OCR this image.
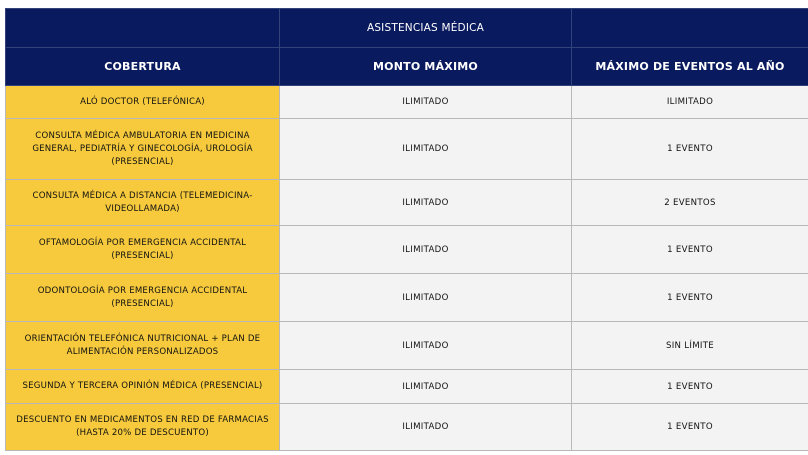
	ASISTENCIAS MÉDICA	
COBERTURA	MONTO MÁXIMO	MÁXIMO DE EVENTOS AL AÑO
ALÓ DOCTOR (TELEFÓNICA)	ILIMITADO	ILIMITADO
CONSULTA MÉDICA AMBULATORIA EN MEDICINA GENERAL, PEDIATRÍA Y GINECOLOGÍA, UROLOGÍA (PRESENCIAL)	ILIMITADO	1 EVENTO
CONSULTA MÉDICA A DISTANCIA (TELEMEDICINA-VIDEOLLAMADA)	ILIMITADO	2 EVENTOS
OFTAMOLOGÍA POR EMERGENCIA ACCIDENTAL (PRESENCIAL)	ILIMITADO	1 EVENTO
ODONTOLOGÍA POR EMERGENCIA ACCIDENTAL (PRESENCIAL)	ILIMITADO	1 EVENTO
ORIENTACIÓN TELEFÓNICA NUTRICIONAL + PLAN DE ALIMENTACIÓN PERSONALIZADOS	ILIMITADO	SIN LÍMITE
SEGUNDA Y TERCERA OPINIÓN MÉDICA (PRESENCIAL)	ILIMITADO	1 EVENTO
DESCUENTO EN MEDICAMENTOS EN RED DE FARMACIAS (HASTA 20% DE DESCUENTO)	ILIMITADO	1 EVENTO
